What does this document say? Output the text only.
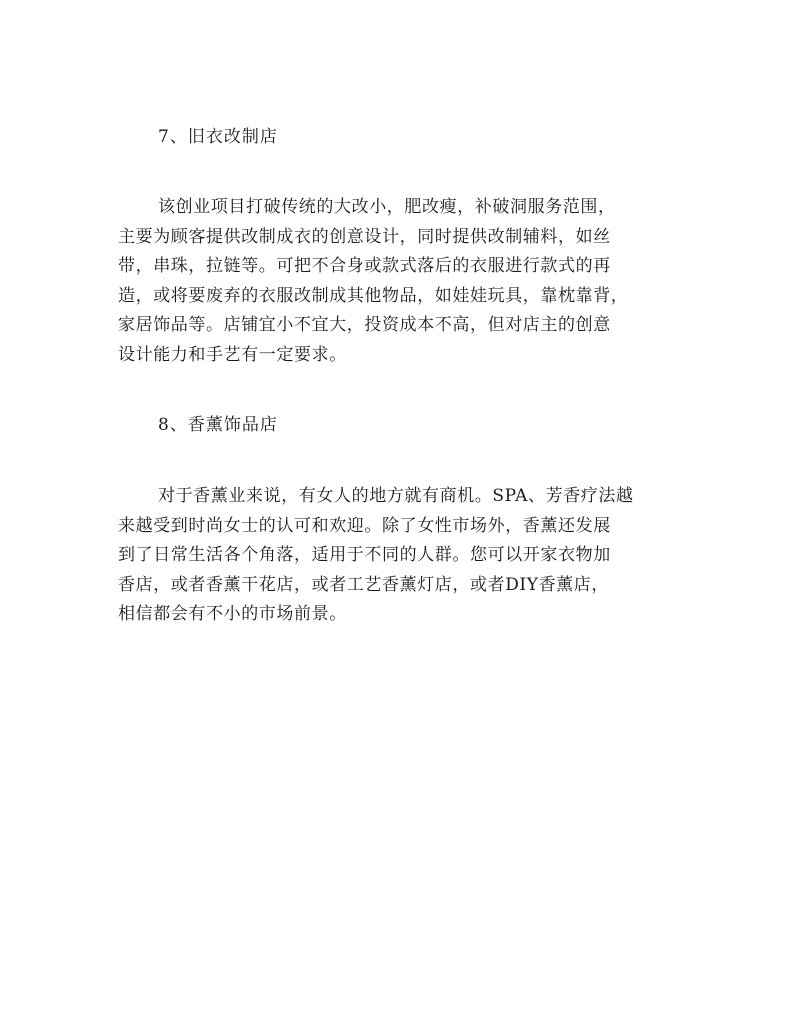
7、旧衣改制店

该创业项目打破传统的大改小，肥改瘦，补破洞服务范围，
主要为顾客提供改制成衣的创意设计，同时提供改制辅料，如丝
带，串珠，拉链等。可把不合身或款式落后的衣服进行款式的再
造，或将要废弃的衣服改制成其他物品，如娃娃玩具，靠枕靠背，
家居饰品等。店铺宜小不宜大，投资成本不高，但对店主的创意
设计能力和手艺有一定要求。

8、香薰饰品店

对于香薰业来说，有女人的地方就有商机。SPA、芳香疗法越
来越受到时尚女士的认可和欢迎。除了女性市场外，香薰还发展
到了日常生活各个角落，适用于不同的人群。您可以开家衣物加
香店，或者香薰干花店，或者工艺香薰灯店，或者DIY香薰店，
相信都会有不小的市场前景。
